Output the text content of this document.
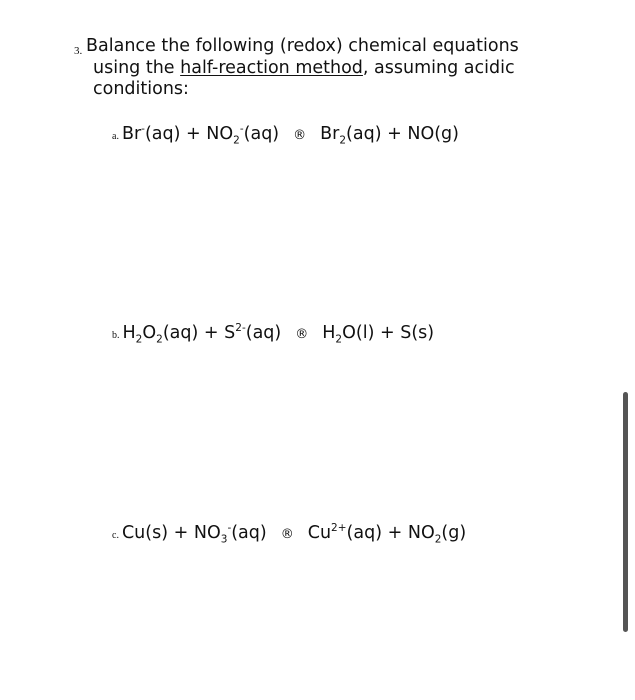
3. Balance the following (redox) chemical equations
using the half-reaction method, assuming acidic
conditions:
a. Br-(aq)
+
$NO_2^-(aq)$ ® $Br_2(aq)$
+
NO(g)
b. $H_2O_2(aq)$
+
$S^{2-}(aq)$ ® $H_2O(l)$
+
S(s)
c. Cu(s)
+
$NO_3^-(aq)$ ® $Cu^{2+}(aq)$
+
$NO_2(g)$
